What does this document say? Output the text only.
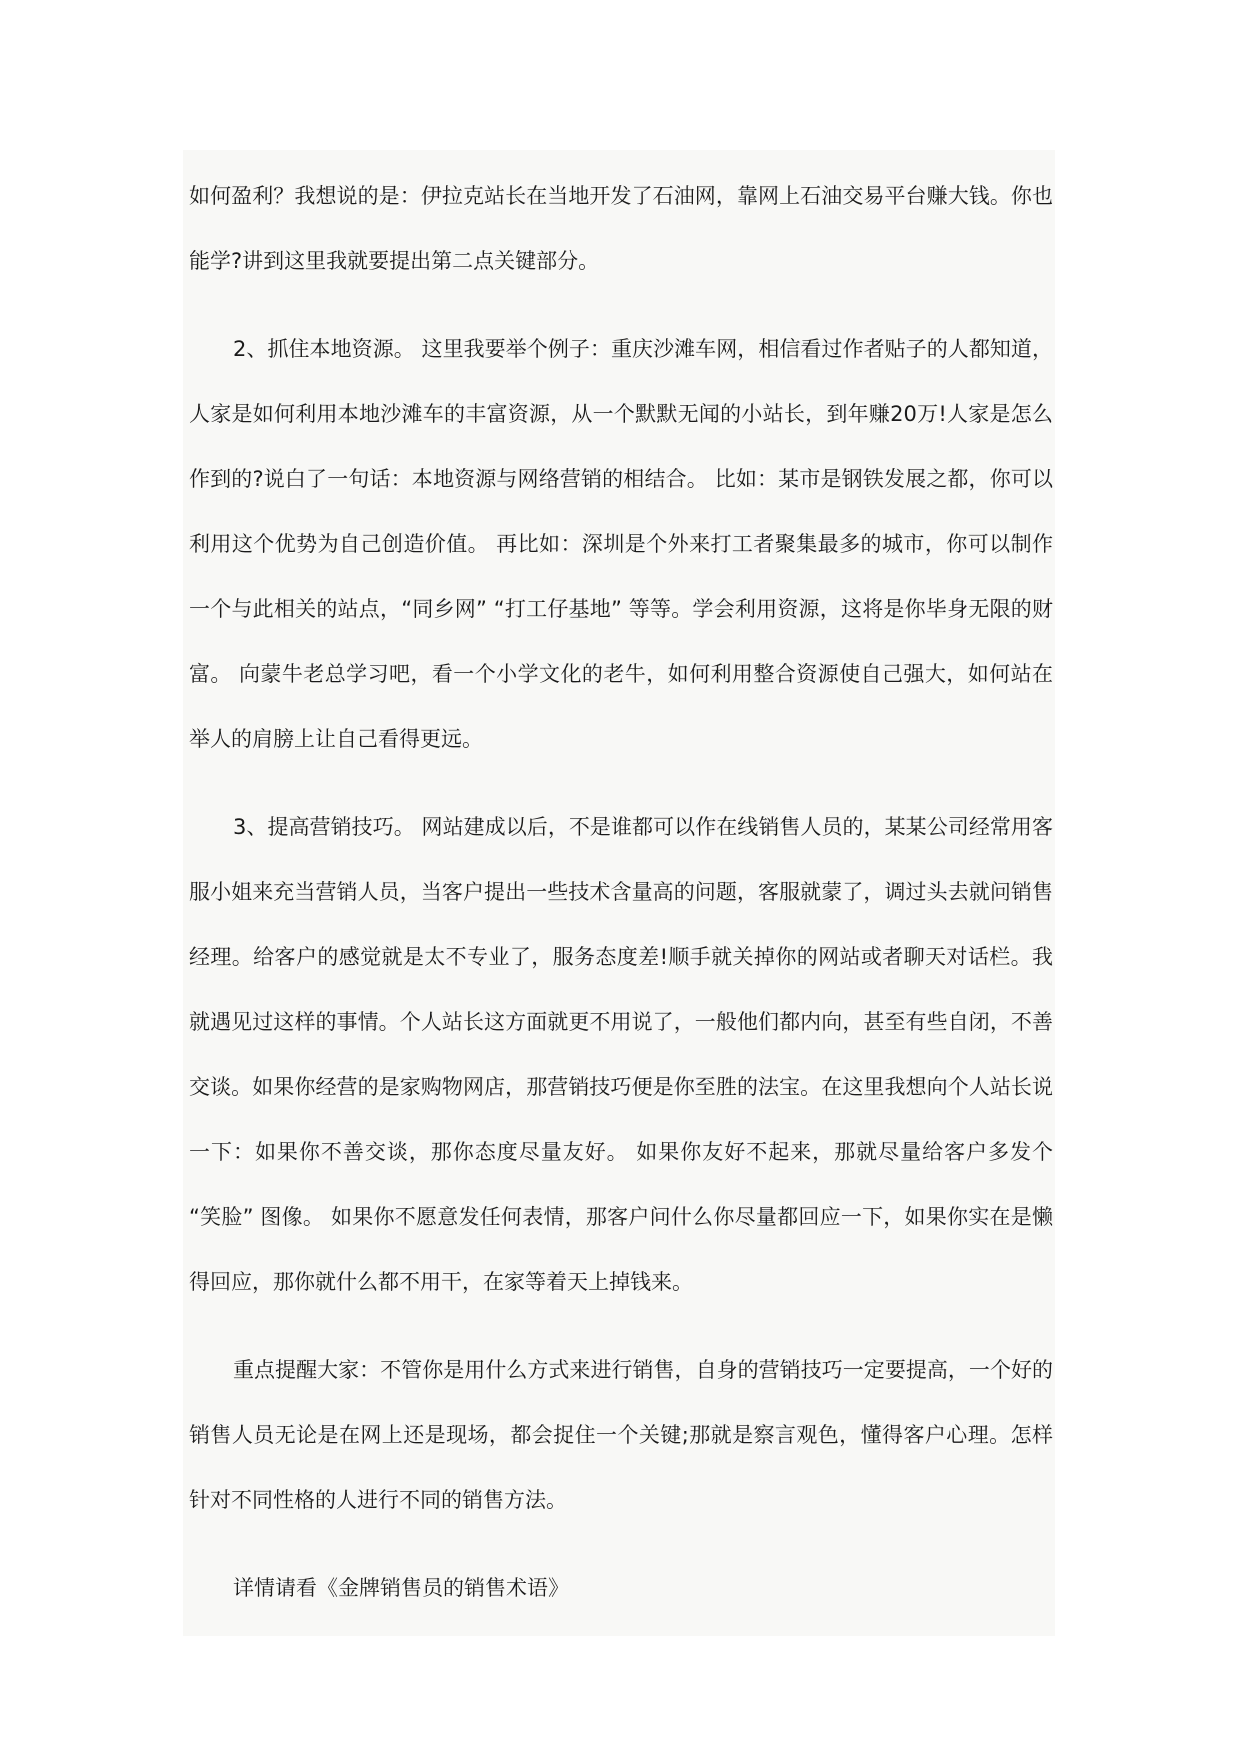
如何盈利？我想说的是：伊拉克站长在当地开发了石油网，靠网上石油交易平台赚大钱。你也能学?讲到这里我就要提出第二点关键部分。

2、抓住本地资源。 这里我要举个例子：重庆沙滩车网，相信看过作者贴子的人都知道，人家是如何利用本地沙滩车的丰富资源，从一个默默无闻的小站长，到年赚20万!人家是怎么作到的?说白了一句话：本地资源与网络营销的相结合。 比如：某市是钢铁发展之都，你可以利用这个优势为自己创造价值。 再比如：深圳是个外来打工者聚集最多的城市，你可以制作一个与此相关的站点，“同乡网” “打工仔基地” 等等。学会利用资源，这将是你毕身无限的财富。 向蒙牛老总学习吧，看一个小学文化的老牛，如何利用整合资源使自己强大，如何站在举人的肩膀上让自己看得更远。

3、提高营销技巧。 网站建成以后，不是谁都可以作在线销售人员的，某某公司经常用客服小姐来充当营销人员，当客户提出一些技术含量高的问题，客服就蒙了，调过头去就问销售经理。给客户的感觉就是太不专业了，服务态度差!顺手就关掉你的网站或者聊天对话栏。我就遇见过这样的事情。个人站长这方面就更不用说了，一般他们都内向，甚至有些自闭，不善交谈。如果你经营的是家购物网店，那营销技巧便是你至胜的法宝。在这里我想向个人站长说一下：如果你不善交谈，那你态度尽量友好。 如果你友好不起来，那就尽量给客户多发个 “笑脸” 图像。 如果你不愿意发任何表情，那客户问什么你尽量都回应一下，如果你实在是懒得回应，那你就什么都不用干，在家等着天上掉钱来。

重点提醒大家：不管你是用什么方式来进行销售，自身的营销技巧一定要提高，一个好的销售人员无论是在网上还是现场，都会捉住一个关键;那就是察言观色，懂得客户心理。怎样针对不同性格的人进行不同的销售方法。

详情请看《金牌销售员的销售术语》
